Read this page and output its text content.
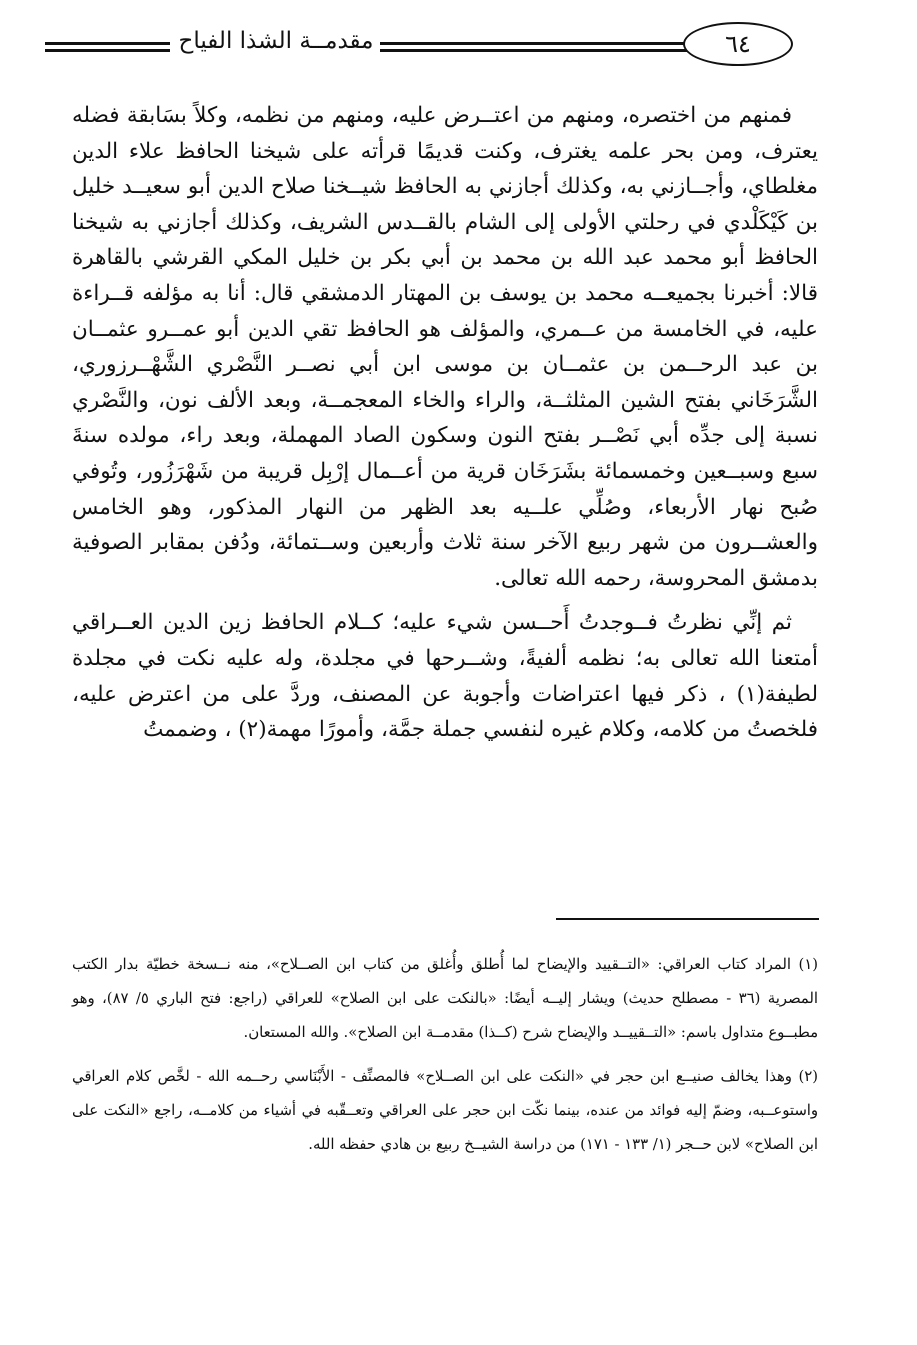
مقدمــة الشذا الفياح	٦٤

فمنهم من اختصره، ومنهم من اعتــرض عليه، ومنهم من نظمه، وكلاً بسَابقة فضله يعترف، ومن بحر علمه يغترف، وكنت قديمًا قرأته على شيخنا الحافظ علاء الدين مغلطاي، وأجــازني به، وكذلك أجازني به الحافظ شيــخنا صلاح الدين أبو سعيــد خليل بن كَيْكَلْدي في رحلتي الأولى إلى الشام بالقــدس الشريف، وكذلك أجازني به شيخنا الحافظ أبو محمد عبد الله بن محمد بن أبي بكر بن خليل المكي القرشي بالقاهرة قالا: أخبرنا بجميعــه محمد بن يوسف بن المهتار الدمشقي قال: أنا به مؤلفه قــراءة عليه، في الخامسة من عــمري، والمؤلف هو الحافظ تقي الدين أبو عمــرو عثمــان بن عبد الرحــمن بن عثمــان بن موسى ابن أبي نصــر النَّصْري الشَّهْــرزوري، الشَّرَخَاني بفتح الشين المثلثــة، والراء والخاء المعجمــة، وبعد الألف نون، والنَّصْري نسبة إلى جدِّه أبي نَصْــر بفتح النون وسكون الصاد المهملة، وبعد راء، مولده سنةَ سبع وسبــعين وخمسمائة بشَرَخَان قرية من أعــمال إرْبِل قريبة من شَهْرَزُور، وتُوفي صُبح نهار الأربعاء، وصُلِّي علــيه بعد الظهر من النهار المذكور، وهو الخامس والعشــرون من شهر ربيع الآخر سنة ثلاث وأربعين وســتمائة، ودُفن بمقابر الصوفية بدمشق المحروسة، رحمه الله تعالى.

ثم إنِّي نظرتُ فــوجدتُ أَحــسن شيء عليه؛ كــلام الحافظ زين الدين العــراقي أمتعنا الله تعالى به؛ نظمه ألفيةً، وشــرحها في مجلدة، وله عليه نكت في مجلدة لطيفة(١) ، ذكر فيها اعتراضات وأجوبة عن المصنف، وردَّ على من اعترض عليه، فلخصتُ من كلامه، وكلام غيره لنفسي جملة جمَّة، وأمورًا مهمة(٢) ، وضممتُ

(١) المراد كتاب العراقي: «التــقييد والإيضاح لما أُطلق وأُغلق من كتاب ابن الصــلاح»، منه نــسخة خطيّة بدار الكتب المصرية (٣٦ - مصطلح حديث) ويشار إليــه أيضًا: «بالنكت على ابن الصلاح» للعراقي (راجع: فتح الباري ٥/ ٨٧)، وهو مطبــوع متداول باسم: «التــقييــد والإيضاح شرح (كــذا) مقدمــة ابن الصلاح». والله المستعان.

(٢) وهذا يخالف صنيــع ابن حجر في «النكت على ابن الصــلاح» فالمصنِّف - الأَبْنَاسي رحــمه الله - لخَّص كلام العراقي واستوعــبه، وضمّ إليه فوائد من عنده، بينما نكّت ابن حجر على العراقي وتعــقّبه في أشياء من كلامــه، راجع «النكت على ابن الصلاح» لابن حــجر (١/ ١٣٣ - ١٧١) من دراسة الشيــخ ربيع بن هادي حفظه الله.
